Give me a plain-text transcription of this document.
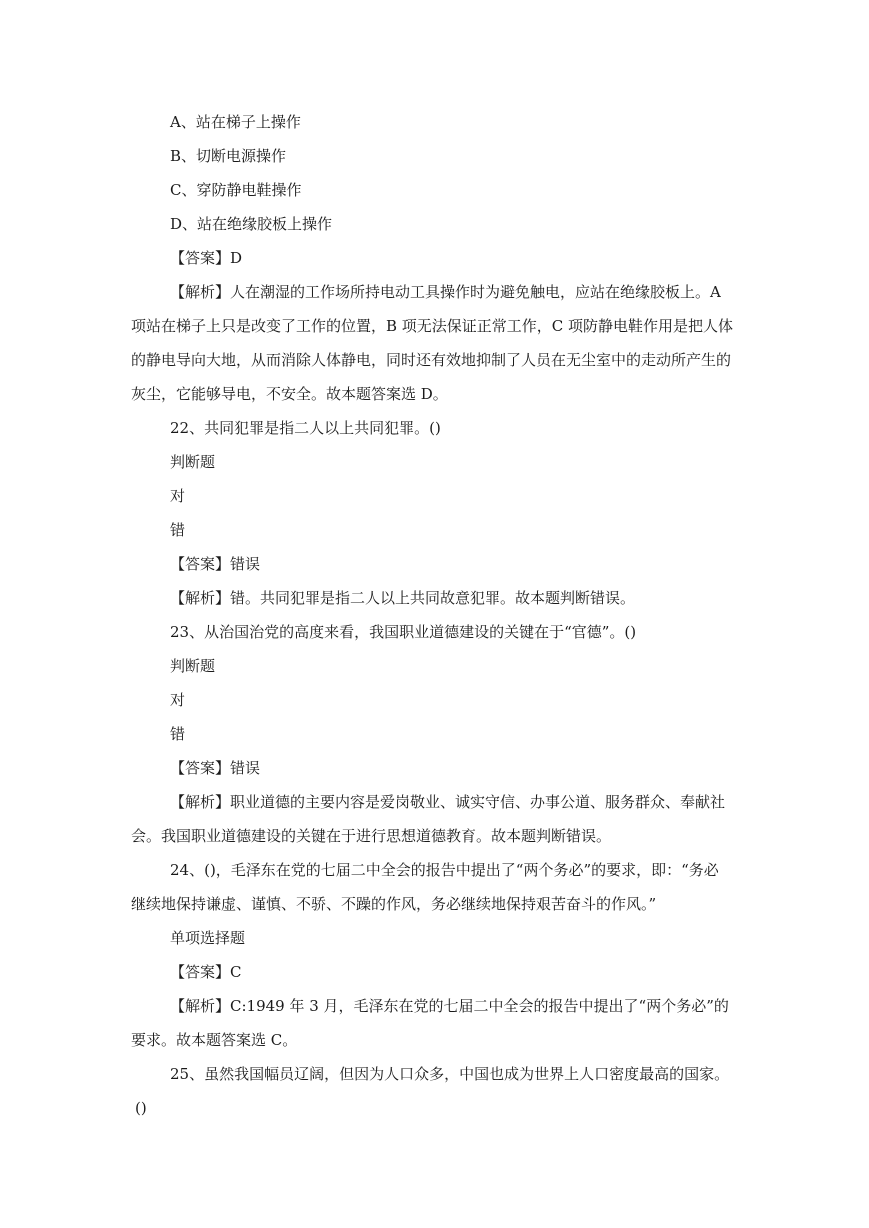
A、站在梯子上操作
B、切断电源操作
C、穿防静电鞋操作
D、站在绝缘胶板上操作
【答案】D
【解析】人在潮湿的工作场所持电动工具操作时为避免触电，应站在绝缘胶板上。A
项站在梯子上只是改变了工作的位置，B 项无法保证正常工作，C 项防静电鞋作用是把人体
的静电导向大地，从而消除人体静电，同时还有效地抑制了人员在无尘室中的走动所产生的
灰尘，它能够导电，不安全。故本题答案选 D。
22、共同犯罪是指二人以上共同犯罪。()
判断题
对
错
【答案】错误
【解析】错。共同犯罪是指二人以上共同故意犯罪。故本题判断错误。
23、从治国治党的高度来看，我国职业道德建设的关键在于“官德”。()
判断题
对
错
【答案】错误
【解析】职业道德的主要内容是爱岗敬业、诚实守信、办事公道、服务群众、奉献社
会。我国职业道德建设的关键在于进行思想道德教育。故本题判断错误。
24、()，毛泽东在党的七届二中全会的报告中提出了“两个务必”的要求，即：“务必
继续地保持谦虚、谨慎、不骄、不躁的作风，务必继续地保持艰苦奋斗的作风。”
单项选择题
【答案】C
【解析】C:1949 年 3 月，毛泽东在党的七届二中全会的报告中提出了“两个务必”的
要求。故本题答案选 C。
25、虽然我国幅员辽阔，但因为人口众多，中国也成为世界上人口密度最高的国家。
()
